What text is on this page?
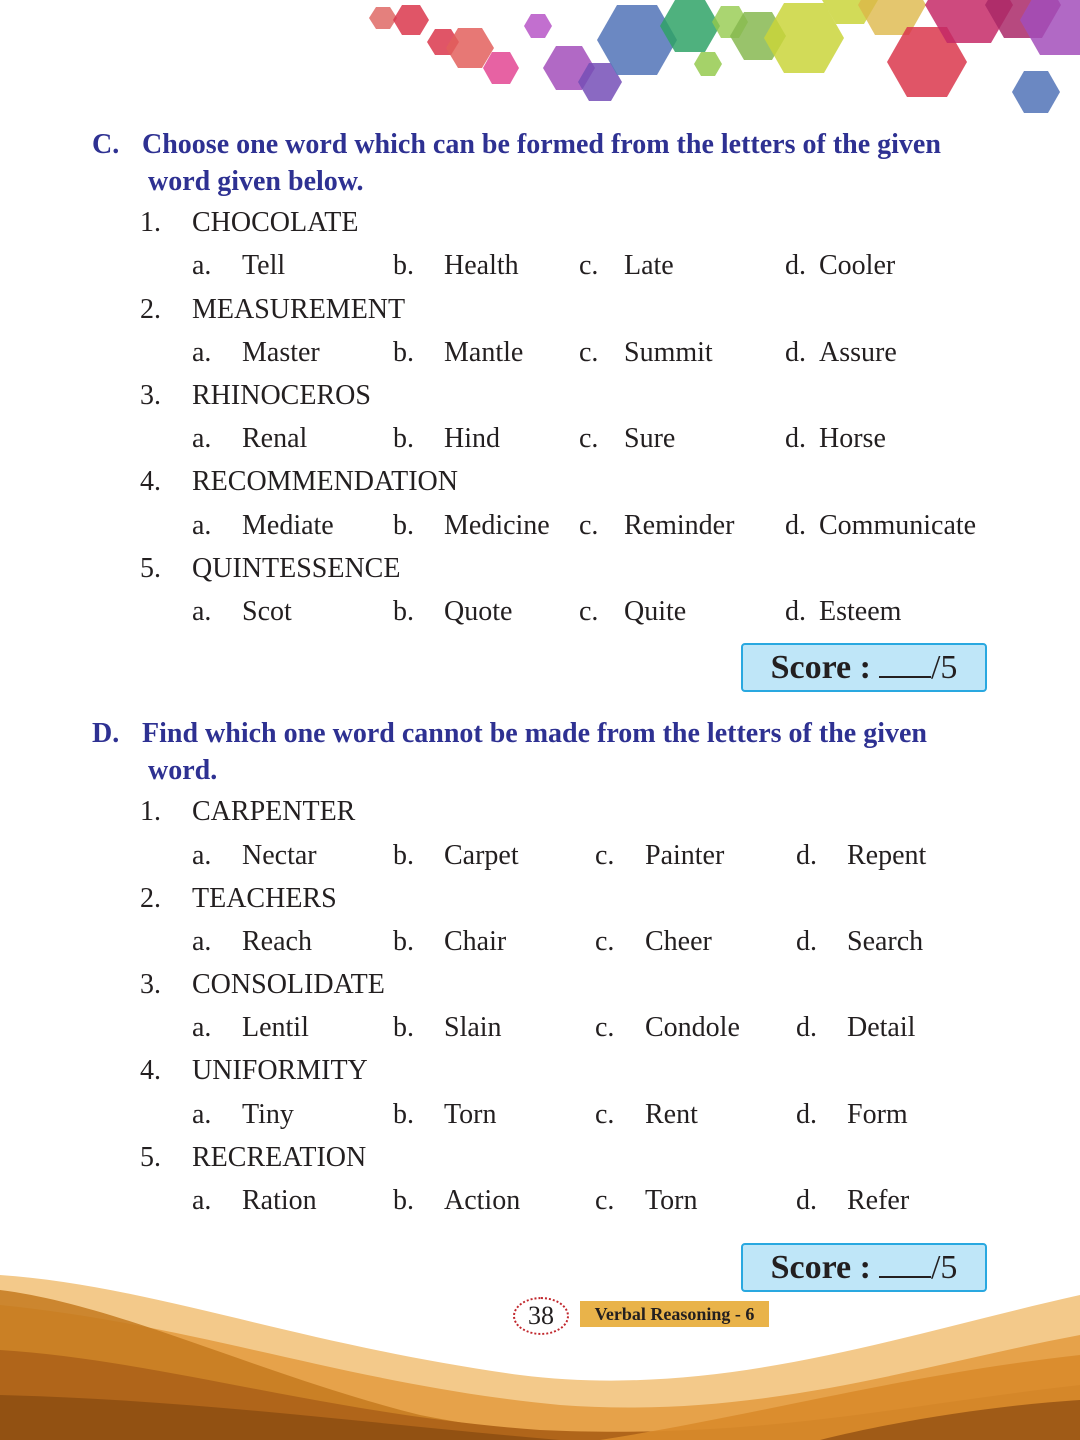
C. Choose one word which can be formed from the letters of the given
word given below.
1. CHOCOLATE
a. Tell	b. Health c. Late	d. Cooler
2. MEASUREMENT
a. Master	b. Mantle c. Summit	d. Assure
3. RHINOCEROS
a. Renal	b. Hind	c. Sure	d. Horse
4. RECOMMENDATION
a. Mediate b. Medicine c. Reminder d. Communicate
5. QUINTESSENCE
a. Scot	b. Quote c. Quite	d. Esteem
Score : /5
D. Find which one word cannot be made from the letters of the given
word.
1. CARPENTER
a. Nectar	b. Carpet	c. Painter	d. Repent
2. TEACHERS
a. Reach	b. Chair	c. Cheer	d. Search
3. CONSOLIDATE
a. Lentil	b. Slain	c. Condole d. Detail
4. UNIFORMITY
a. Tiny	b. Torn	c. Rent	d. Form
5. RECREATION
a. Ration	b. Action	c. Torn	d. Refer
Score : /5
38	Verbal Reasoning - 6
